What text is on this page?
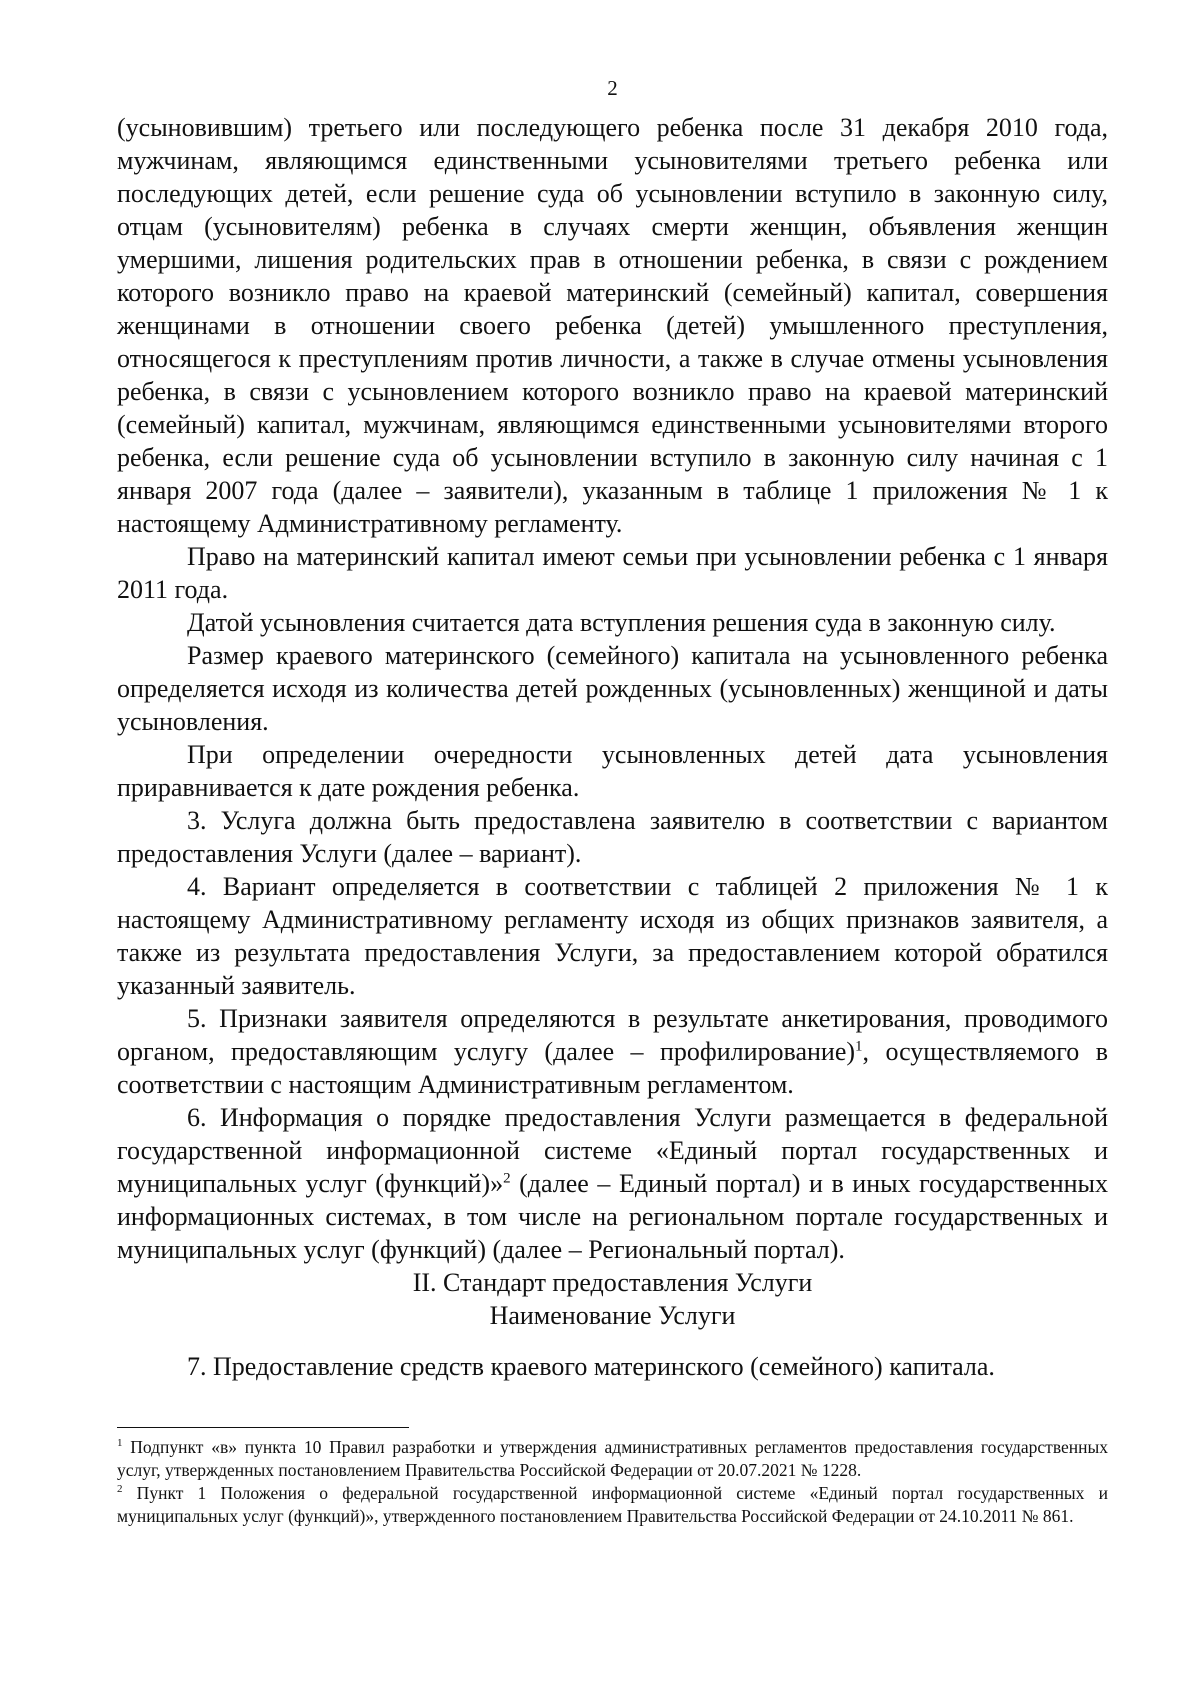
2

(усыновившим) третьего или последующего ребенка после 31 декабря 2010 года, мужчинам, являющимся единственными усыновителями третьего ребенка или последующих детей, если решение суда об усыновлении вступило в законную силу, отцам (усыновителям) ребенка в случаях смерти женщин, объявления женщин умершими, лишения родительских прав в отношении ребенка, в связи с рождением которого возникло право на краевой материнский (семейный) капитал, совершения женщинами в отношении своего ребенка (детей) умышленного преступления, относящегося к преступлениям против личности, а также в случае отмены усыновления ребенка, в связи с усыновлением которого возникло право на краевой материнский (семейный) капитал, мужчинам, являющимся единственными усыновителями второго ребенка, если решение суда об усыновлении вступило в законную силу начиная с 1 января 2007 года (далее – заявители), указанным в таблице 1 приложения № 1 к настоящему Административному регламенту.

Право на материнский капитал имеют семьи при усыновлении ребенка с 1 января 2011 года.

Датой усыновления считается дата вступления решения суда в законную силу.

Размер краевого материнского (семейного) капитала на усыновленного ребенка определяется исходя из количества детей рожденных (усыновленных) женщиной и даты усыновления.

При определении очередности усыновленных детей дата усыновления приравнивается к дате рождения ребенка.

3. Услуга должна быть предоставлена заявителю в соответствии с вариантом предоставления Услуги (далее – вариант).

4. Вариант определяется в соответствии с таблицей 2 приложения № 1 к настоящему Административному регламенту исходя из общих признаков заявителя, а также из результата предоставления Услуги, за предоставлением которой обратился указанный заявитель.

5. Признаки заявителя определяются в результате анкетирования, проводимого органом, предоставляющим услугу (далее – профилирование)$^1$, осуществляемого в соответствии с настоящим Административным регламентом.

6. Информация о порядке предоставления Услуги размещается в федеральной государственной информационной системе «Единый портал государственных и муниципальных услуг (функций)»$^2$ (далее – Единый портал) и в иных государственных информационных системах, в том числе на региональном портале государственных и муниципальных услуг (функций) (далее – Региональный портал).

II. Стандарт предоставления Услуги

Наименование Услуги

7. Предоставление средств краевого материнского (семейного) капитала.

$^1$ Подпункт «в» пункта 10 Правил разработки и утверждения административных регламентов предоставления государственных услуг, утвержденных постановлением Правительства Российской Федерации от 20.07.2021 № 1228.

$^2$ Пункт 1 Положения о федеральной государственной информационной системе «Единый портал государственных и муниципальных услуг (функций)», утвержденного постановлением Правительства Российской Федерации от 24.10.2011 № 861.
